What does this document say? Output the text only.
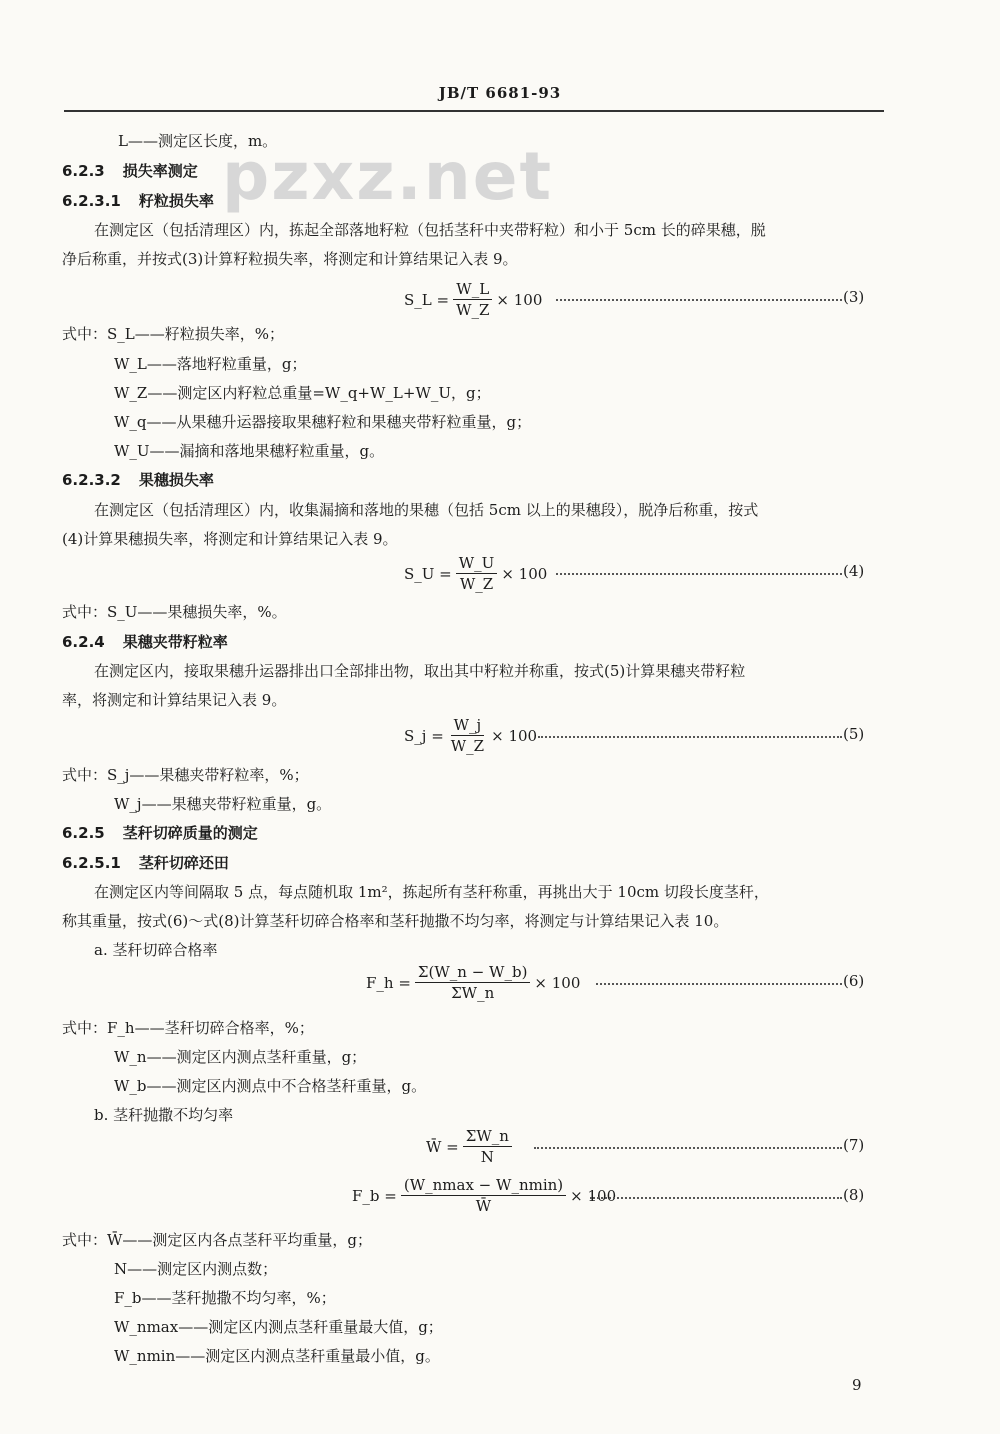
JB/T 6681-93
pzxz.net
L——测定区长度，m。
6.2.3 损失率测定
6.2.3.1 籽粒损失率
在测定区（包括清理区）内，拣起全部落地籽粒（包括茎秆中夹带籽粒）和小于 5cm 长的碎果穗，脱
净后称重，并按式(3)计算籽粒损失率，将测定和计算结果记入表 9。
S_L = $\frac{W\_L}{W\_Z} \times 100$	(3)
式中：S_L——籽粒损失率，%；
W_L——落地籽粒重量，g；
W_Z——测定区内籽粒总重量=W_q+W_L+W_U，g；
W_q——从果穗升运器接取果穗籽粒和果穗夹带籽粒重量，g；
W_U——漏摘和落地果穗籽粒重量，g。
6.2.3.2 果穗损失率
在测定区（包括清理区）内，收集漏摘和落地的果穗（包括 5cm 以上的果穗段），脱净后称重，按式
(4)计算果穗损失率，将测定和计算结果记入表 9。
S_U = $\frac{W\_U}{W\_Z} \times 100$	(4)
式中：S_U——果穗损失率，%。
6.2.4 果穗夹带籽粒率
在测定区内，接取果穗升运器排出口全部排出物，取出其中籽粒并称重，按式(5)计算果穗夹带籽粒
率，将测定和计算结果记入表 9。
S_j = $\frac{W\_j}{W\_Z} \times 100$	(5)
式中：S_j——果穗夹带籽粒率，%；
W_j——果穗夹带籽粒重量，g。
6.2.5 茎秆切碎质量的测定
6.2.5.1 茎秆切碎还田
在测定区内等间隔取 5 点，每点随机取 1m²，拣起所有茎秆称重，再挑出大于 10cm 切段长度茎秆，
称其重量，按式(6)～式(8)计算茎秆切碎合格率和茎秆抛撒不均匀率，将测定与计算结果记入表 10。
a. 茎秆切碎合格率
F_h = $\frac{\Sigma(W\_n - W\_b)}{\Sigma W\_n} \times 100$	(6)
式中：F_h——茎秆切碎合格率，%；
W_n——测定区内测点茎秆重量，g；
W_b——测定区内测点中不合格茎秆重量，g。
b. 茎秆抛撒不均匀率
W̄ = $\frac{\Sigma W\_n}{N}$	(7)
F_b = $\frac{(W\_nmax - W\_nmin)}{W̄} \times 100$	(8)
式中：W̄——测定区内各点茎秆平均重量，g；
N——测定区内测点数；
F_b——茎秆抛撒不均匀率，%；
W_nmax——测定区内测点茎秆重量最大值，g；
W_nmin——测定区内测点茎秆重量最小值，g。
9
